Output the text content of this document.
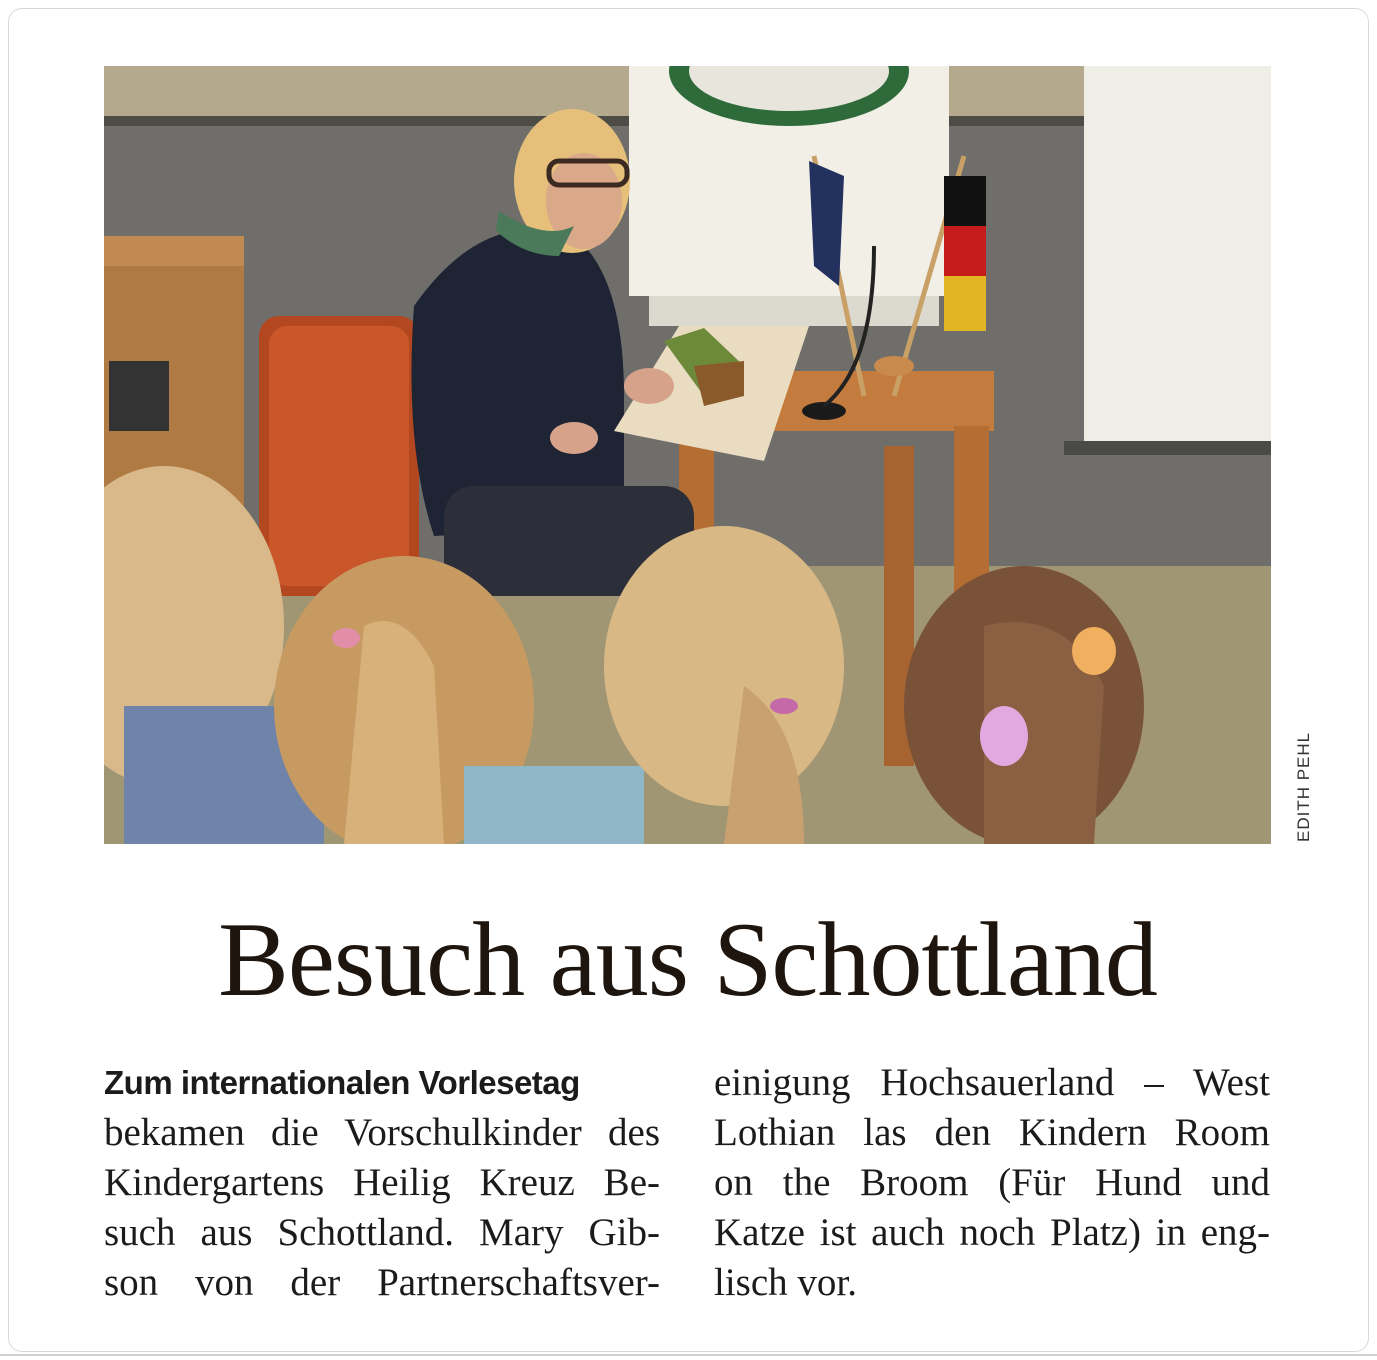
EDITH PEHL
Besuch aus Schottland
Zum internationalen Vorlesetag
bekamen die Vorschulkinder des
Kindergartens Heilig Kreuz Be-
such aus Schottland. Mary Gib-
son von der Partnerschaftsver-
einigung Hochsauerland – West
Lothian las den Kindern Room
on the Broom (Für Hund und
Katze ist auch noch Platz) in eng-
lisch vor.
